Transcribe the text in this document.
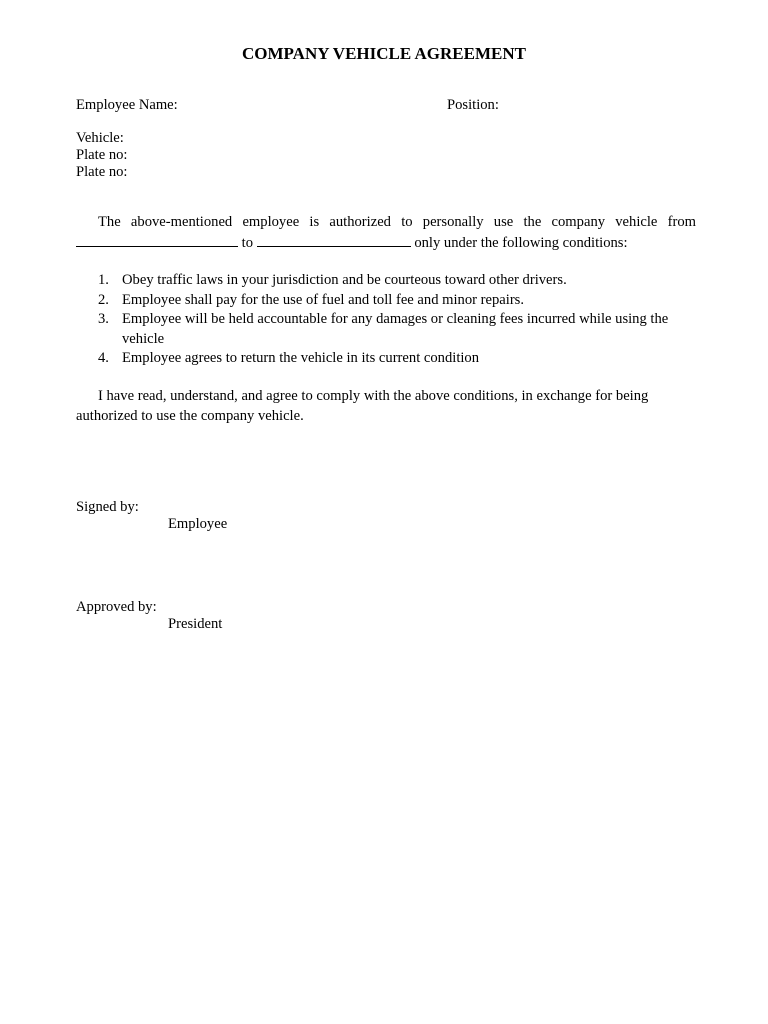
COMPANY VEHICLE AGREEMENT
Employee Name:	Position:
Vehicle:
Plate no:
Plate no:
The above-mentioned employee is authorized to personally use the company vehicle from  to	only under the following conditions:
1. Obey traffic laws in your jurisdiction and be courteous toward other drivers.
2. Employee shall pay for the use of fuel and toll fee and minor repairs.
3. Employee will be held accountable for any damages or cleaning fees incurred while using the vehicle
4. Employee agrees to return the vehicle in its current condition
I have read, understand, and agree to comply with the above conditions, in exchange for being authorized to use the company vehicle.
Signed by:
Employee
Approved by:
President
